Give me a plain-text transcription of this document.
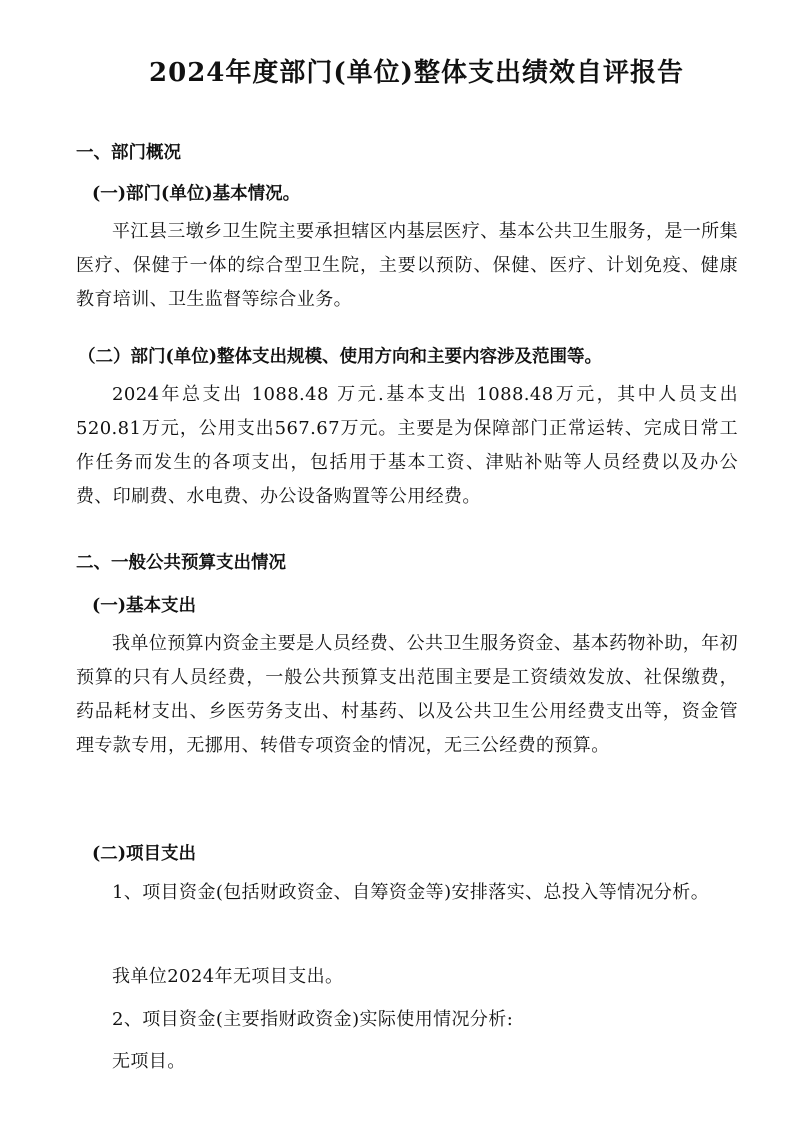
2024年度部门(单位)整体支出绩效自评报告
一、部门概况
(一)部门(单位)基本情况。

平江县三墩乡卫生院主要承担辖区内基层医疗、基本公共卫生服务，是一所集医疗、保健于一体的综合型卫生院，主要以预防、保健、医疗、计划免疫、健康教育培训、卫生监督等综合业务。

（二）部门(单位)整体支出规模、使用方向和主要内容涉及范围等。

2024年总支出 1088.48 万元.基本支出 1088.48万元，其中人员支出520.81万元，公用支出567.67万元。主要是为保障部门正常运转、完成日常工作任务而发生的各项支出，包括用于基本工资、津贴补贴等人员经费以及办公费、印刷费、水电费、办公设备购置等公用经费。

二、一般公共预算支出情况
(一)基本支出

我单位预算内资金主要是人员经费、公共卫生服务资金、基本药物补助，年初预算的只有人员经费，一般公共预算支出范围主要是工资绩效发放、社保缴费，药品耗材支出、乡医劳务支出、村基药、以及公共卫生公用经费支出等，资金管理专款专用，无挪用、转借专项资金的情况，无三公经费的预算。

(二)项目支出

1、项目资金(包括财政资金、自筹资金等)安排落实、总投入等情况分析。

我单位2024年无项目支出。
2、项目资金(主要指财政资金)实际使用情况分析:
无项目。
